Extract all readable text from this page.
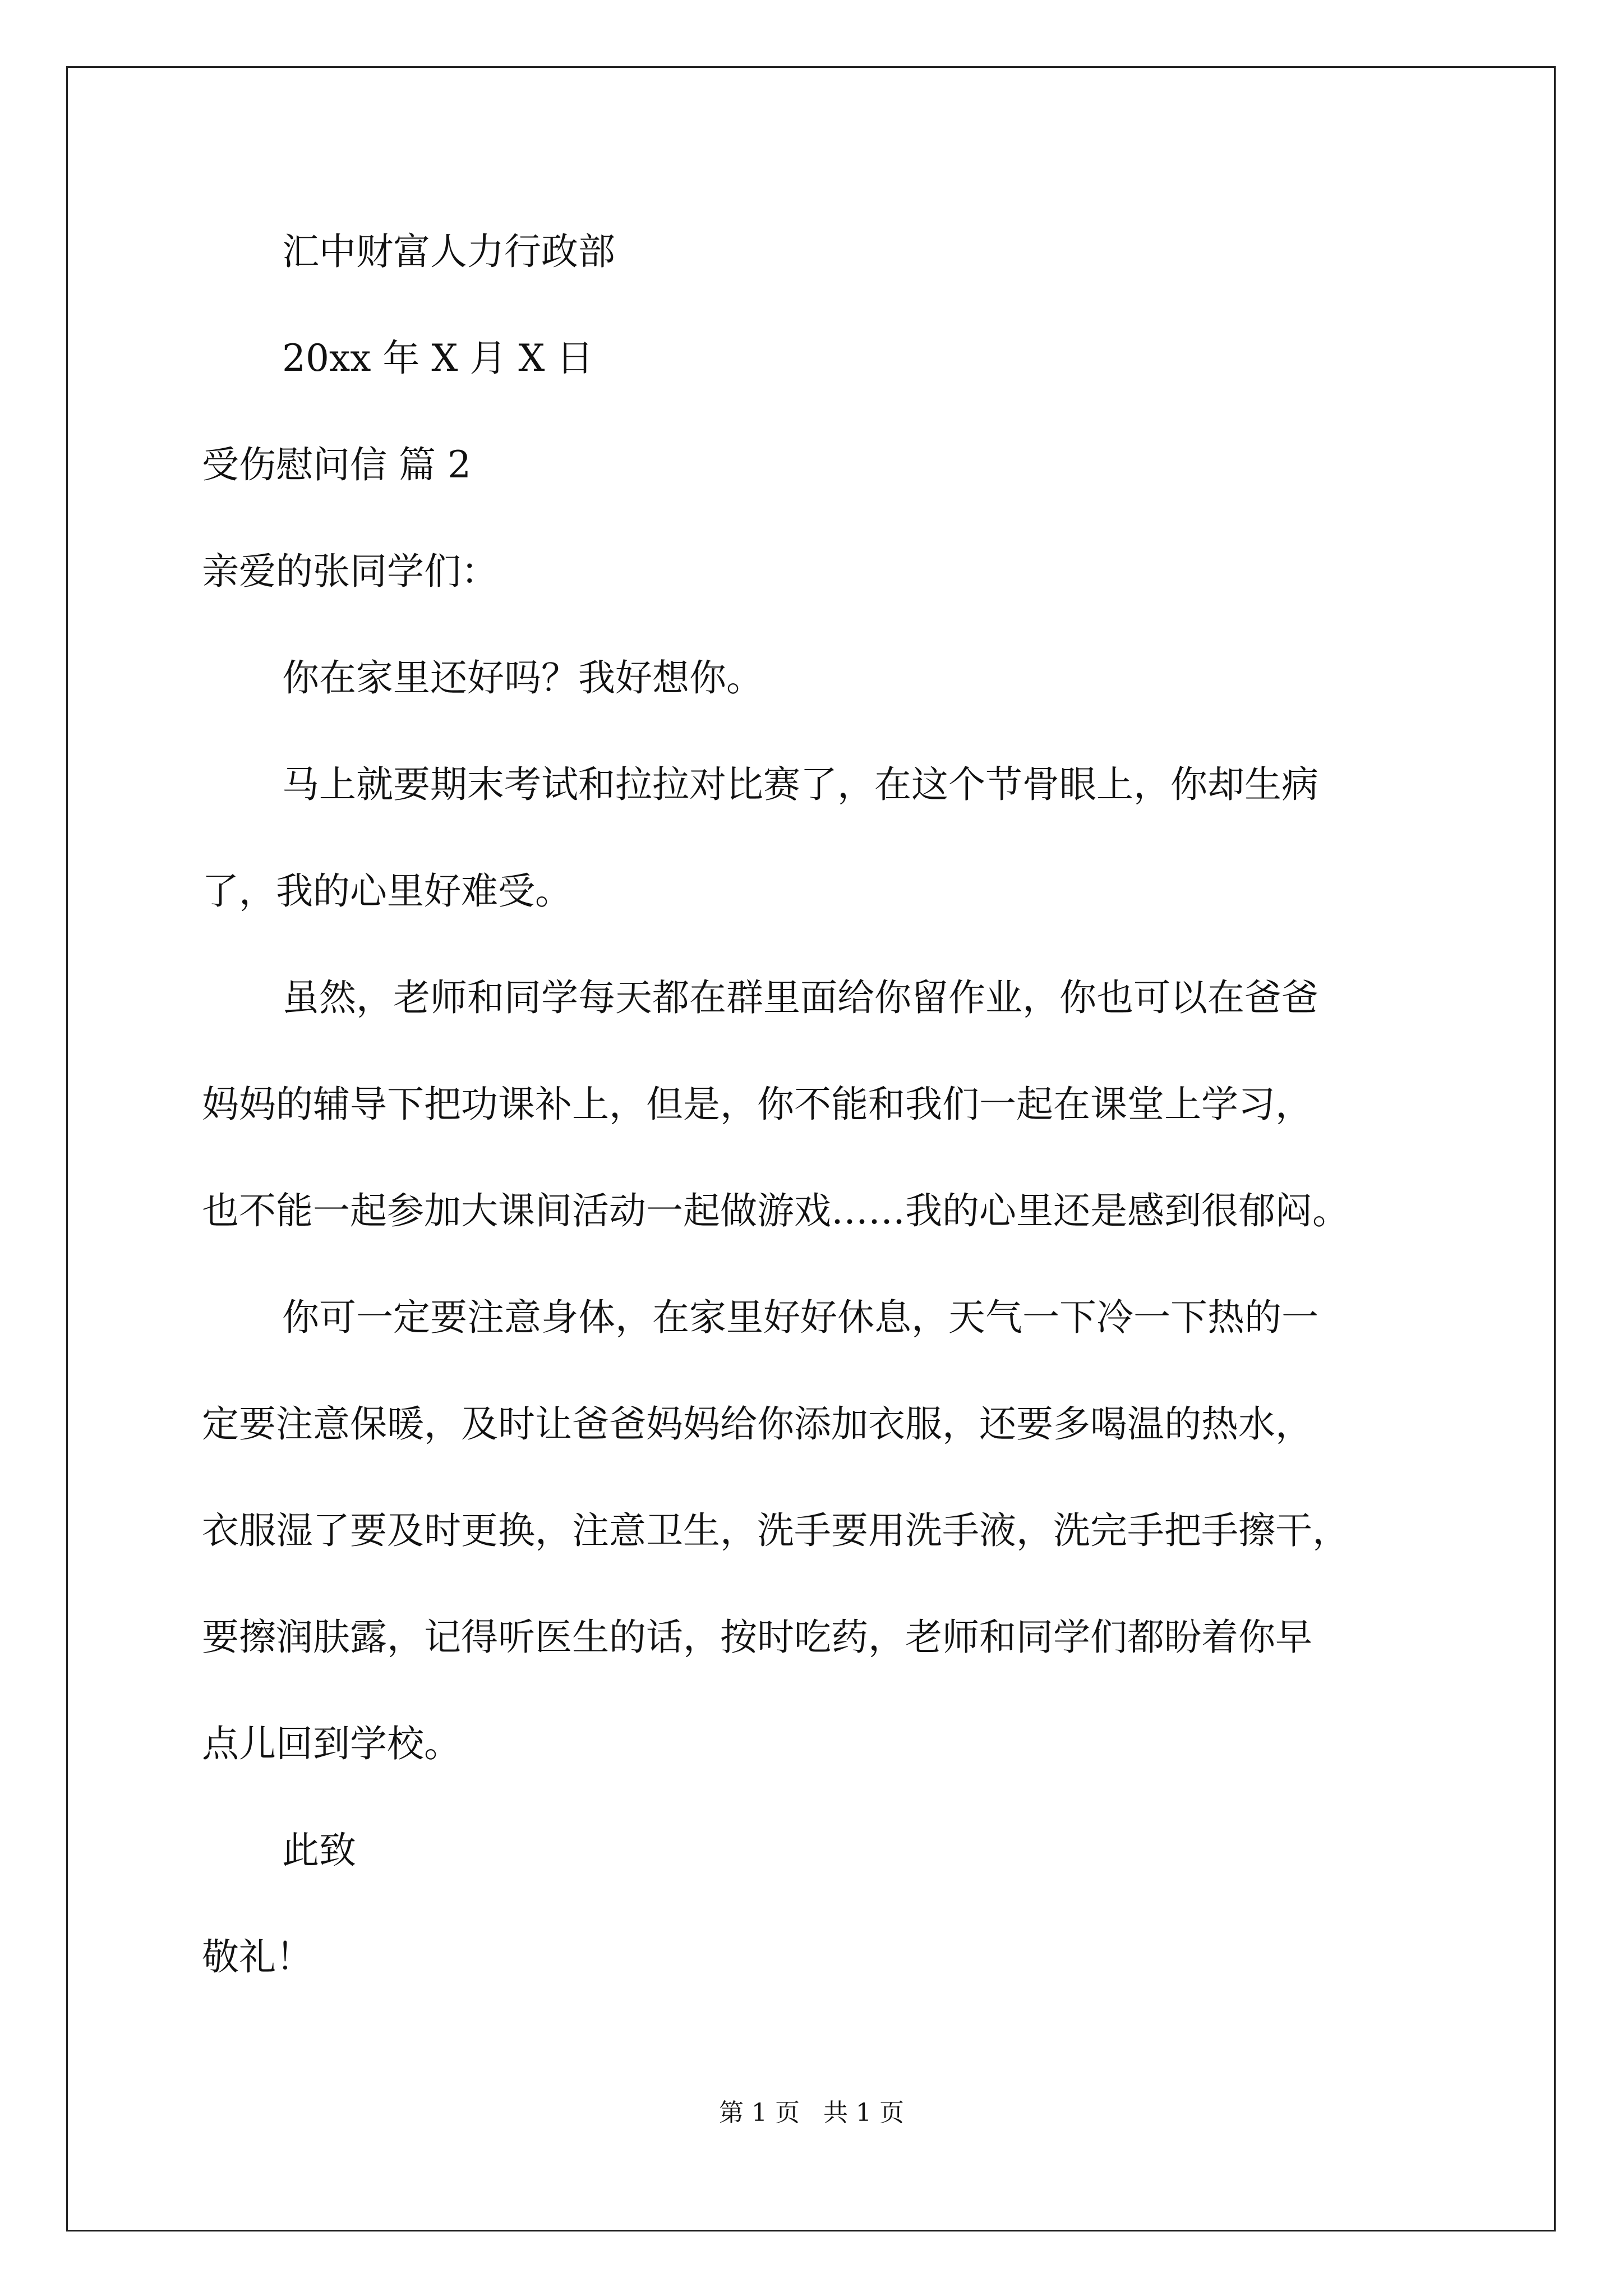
汇中财富人力行政部
20xx 年 X 月 X 日
受伤慰问信 篇 2
亲爱的张同学们：
你在家里还好吗？我好想你。
马上就要期末考试和拉拉对比赛了，在这个节骨眼上，你却生病
了，我的心里好难受。
虽然，老师和同学每天都在群里面给你留作业，你也可以在爸爸
妈妈的辅导下把功课补上，但是，你不能和我们一起在课堂上学习，
也不能一起参加大课间活动一起做游戏……我的心里还是感到很郁闷。
你可一定要注意身体，在家里好好休息，天气一下冷一下热的一
定要注意保暖，及时让爸爸妈妈给你添加衣服，还要多喝温的热水，
衣服湿了要及时更换，注意卫生，洗手要用洗手液，洗完手把手擦干，
要擦润肤露，记得听医生的话，按时吃药，老师和同学们都盼着你早
点儿回到学校。
此致
敬礼！
第 1 页   共 1 页
